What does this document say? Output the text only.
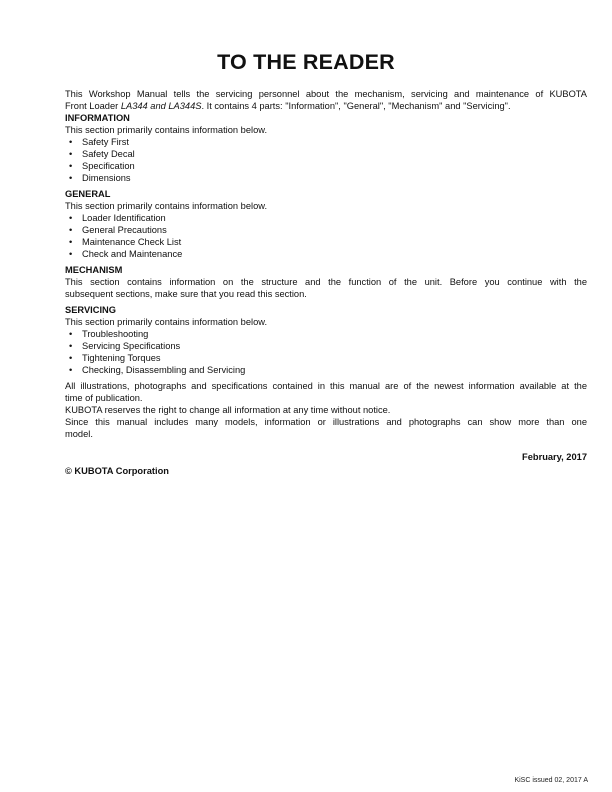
TO THE READER

This Workshop Manual tells the servicing personnel about the mechanism, servicing and maintenance of KUBOTA

Front Loader LA344 and LA344S. It contains 4 parts: "Information", "General", "Mechanism" and "Servicing".

INFORMATION

This section primarily contains information below.

• Safety First
• Safety Decal
• Specification
• Dimensions

GENERAL

This section primarily contains information below.

• Loader Identification
• General Precautions
• Maintenance Check List
• Check and Maintenance

MECHANISM

This section contains information on the structure and the function of the unit. Before you continue with the

subsequent sections, make sure that you read this section.

SERVICING

This section primarily contains information below.

• Troubleshooting
• Servicing Specifications
• Tightening Torques
• Checking, Disassembling and Servicing

All illustrations, photographs and specifications contained in this manual are of the newest information available at the

time of publication.

KUBOTA reserves the right to change all information at any time without notice.

Since this manual includes many models, information or illustrations and photographs can show more than one

model.

February, 2017
© KUBOTA Corporation
KiSC issued 02, 2017 A
